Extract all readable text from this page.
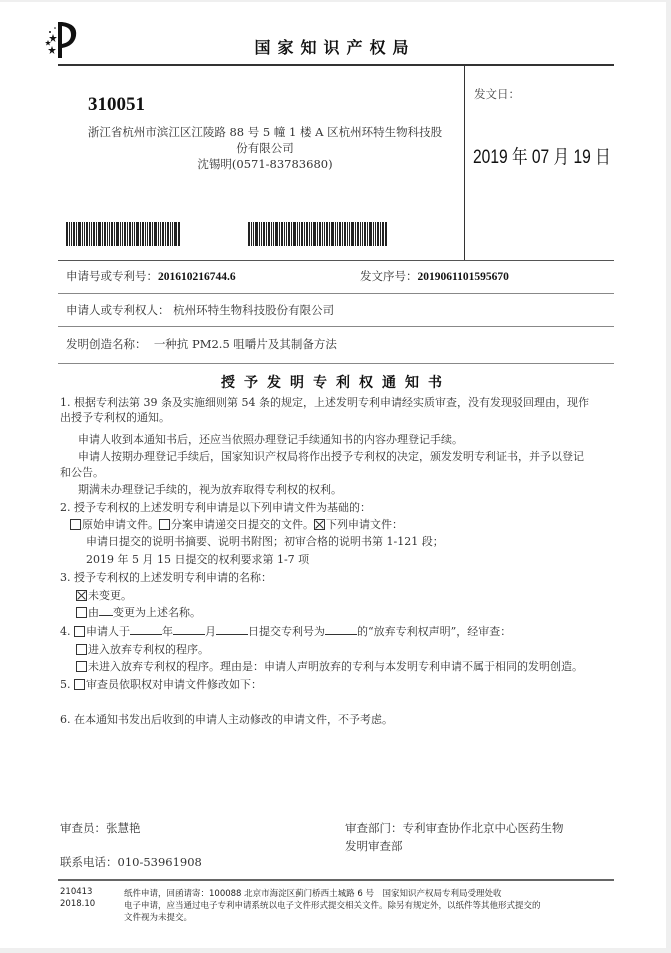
国家知识产权局
310051
浙江省杭州市滨江区江陵路 88 号 5 幢 1 楼 A 区杭州环特生物科技股
份有限公司
沈锡明(0571-83783680)
发文日：
2019 年 07 月 19 日
申请号或专利号：201610216744.6	发文序号：2019061101595670
申请人或专利权人： 杭州环特生物科技股份有限公司
发明创造名称： 一种抗 PM2.5 咀嚼片及其制备方法
授予发明专利权通知书
1. 根据专利法第 39 条及实施细则第 54 条的规定，上述发明专利申请经实质审查，没有发现驳回理由，现作
出授予专利权的通知。
申请人收到本通知书后，还应当依照办理登记手续通知书的内容办理登记手续。
申请人按期办理登记手续后，国家知识产权局将作出授予专利权的决定，颁发发明专利证书，并予以登记
和公告。
期满未办理登记手续的，视为放弃取得专利权的权利。
2. 授予专利权的上述发明专利申请是以下列申请文件为基础的：
原始申请文件。 分案申请递交日提交的文件。 下列申请文件：
申请日提交的说明书摘要、说明书附图；初审合格的说明书第 1-121 段；
2019 年 5 月 15 日提交的权利要求第 1-7 项
3. 授予专利权的上述发明专利申请的名称：
未变更。
由 变更为上述名称。
4. 申请人于	年	月	日提交专利号为	的“放弃专利权声明”，经审查：
进入放弃专利权的程序。
未进入放弃专利权的程序。理由是：申请人声明放弃的专利与本发明专利申请不属于相同的发明创造。
5. 审查员依职权对申请文件修改如下：
6. 在本通知书发出后收到的申请人主动修改的申请文件，不予考虑。
审查员：张慧艳	审查部门：专利审查协作北京中心医药生物
发明审查部
联系电话：010-53961908
210413
2018.10
纸件申请，回函请寄：100088 北京市海淀区蓟门桥西土城路 6 号　国家知识产权局专利局受理处收
电子申请，应当通过电子专利申请系统以电子文件形式提交相关文件。除另有规定外，以纸件等其他形式提交的
文件视为未提交。
